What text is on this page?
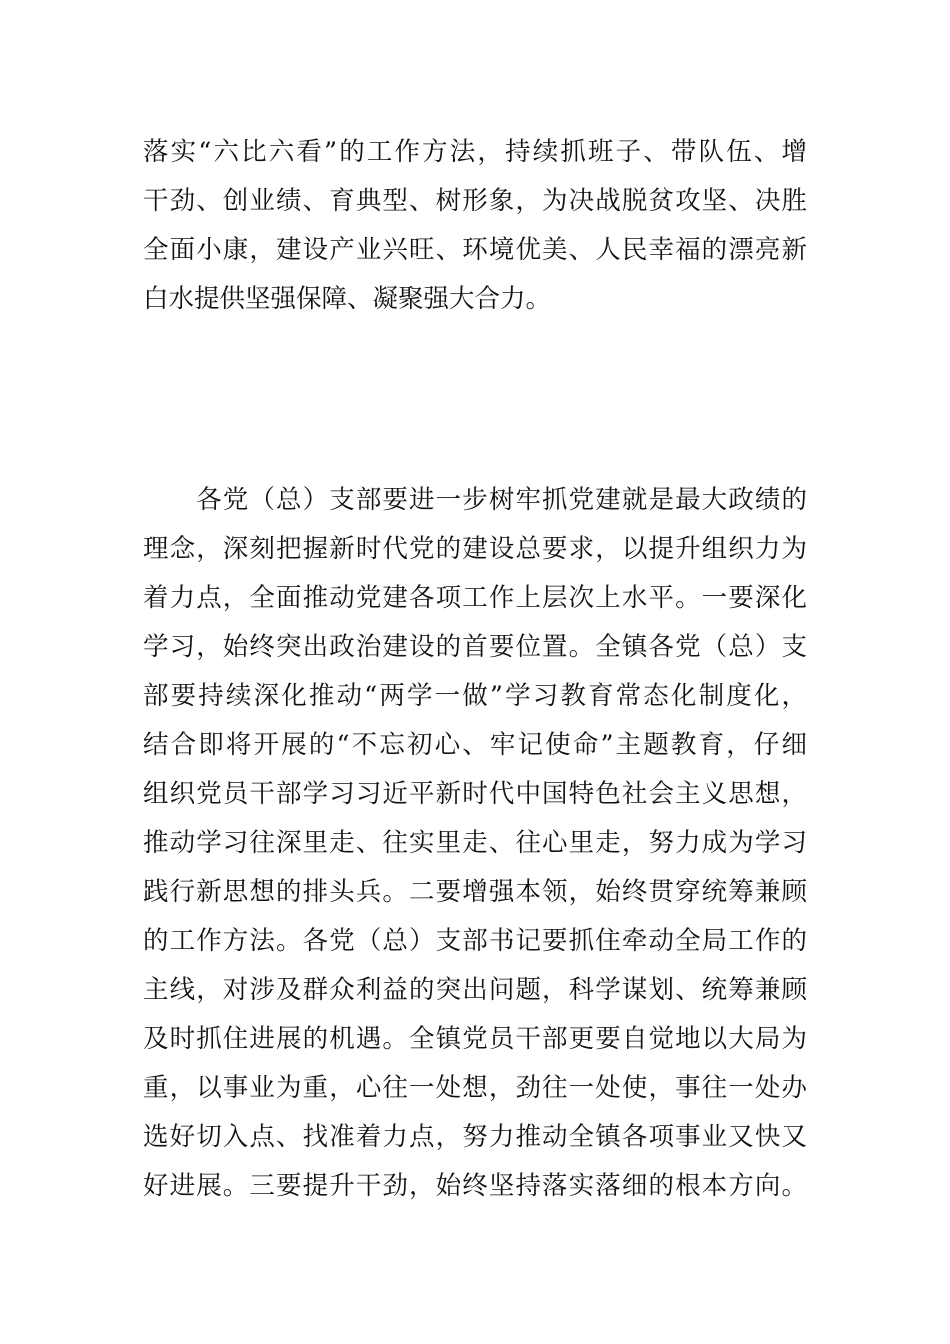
落实“六比六看”的工作方法，持续抓班子、带队伍、增
干劲、创业绩、育典型、树形象，为决战脱贫攻坚、决胜
全面小康，建设产业兴旺、环境优美、人民幸福的漂亮新
白水提供坚强保障、凝聚强大合力。

　　各党（总）支部要进一步树牢抓党建就是最大政绩的
理念，深刻把握新时代党的建设总要求，以提升组织力为
着力点，全面推动党建各项工作上层次上水平。一要深化
学习，始终突出政治建设的首要位置。全镇各党（总）支
部要持续深化推动“两学一做”学习教育常态化制度化，
结合即将开展的“不忘初心、牢记使命”主题教育，仔细
组织党员干部学习习近平新时代中国特色社会主义思想，
推动学习往深里走、往实里走、往心里走，努力成为学习
践行新思想的排头兵。二要增强本领，始终贯穿统筹兼顾
的工作方法。各党（总）支部书记要抓住牵动全局工作的
主线，对涉及群众利益的突出问题，科学谋划、统筹兼顾
及时抓住进展的机遇。全镇党员干部更要自觉地以大局为
重，以事业为重，心往一处想，劲往一处使，事往一处办
选好切入点、找准着力点，努力推动全镇各项事业又快又
好进展。三要提升干劲，始终坚持落实落细的根本方向。
